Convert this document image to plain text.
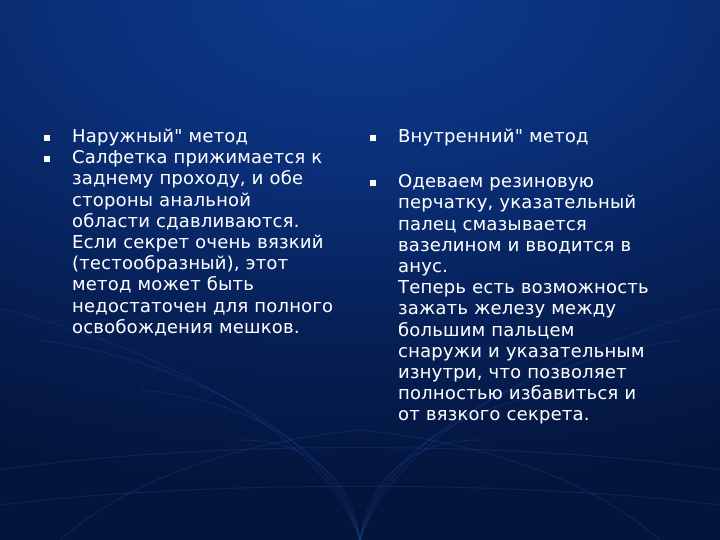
Наружный" метод
Салфетка прижимается к
заднему проходу, и обе
стороны анальной
области сдавливаются.
Если секрет очень вязкий
(тестообразный), этот
метод может быть
недостаточен для полного
освобождения мешков.
Внутренний" метод
Одеваем резиновую
перчатку, указательный
палец смазывается
вазелином и вводится в
анус.
Теперь есть возможность
зажать железу между
большим пальцем
снаружи и указательным
изнутри, что позволяет
полностью избавиться и
от вязкого секрета.
